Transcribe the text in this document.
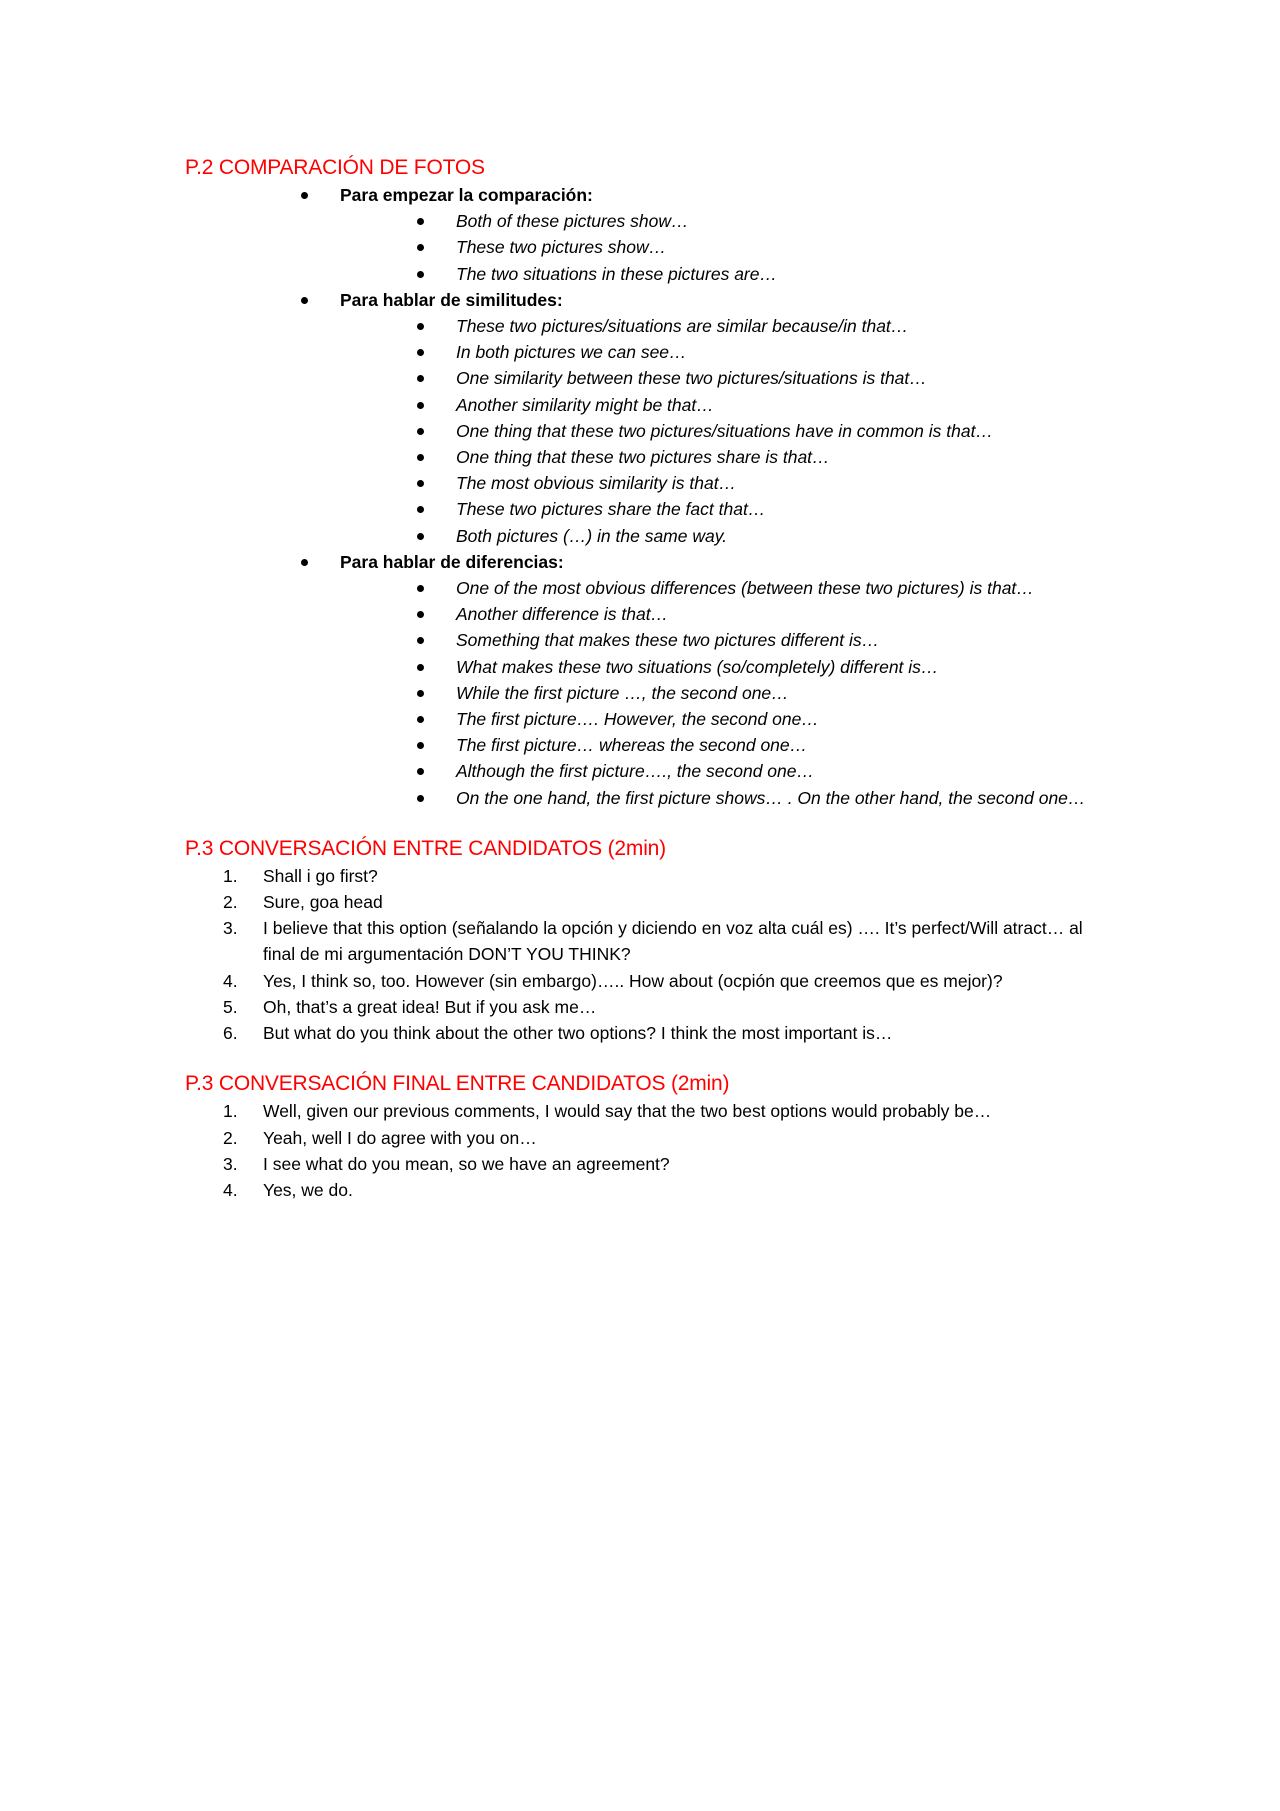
P.2 COMPARACIÓN DE FOTOS
Para empezar la comparación:
Both of these pictures show…
These two pictures show…
The two situations in these pictures are…
Para hablar de similitudes:
These two pictures/situations are similar because/in that…
In both pictures we can see…
One similarity between these two pictures/situations is that…
Another similarity might be that…
One thing that these two pictures/situations have in common is that…
One thing that these two pictures share is that…
The most obvious similarity is that…
These two pictures share the fact that…
Both pictures (…) in the same way.
Para hablar de diferencias:
One of the most obvious differences (between these two pictures) is that…
Another difference is that…
Something that makes these two pictures different is…
What makes these two situations (so/completely) different is…
While the first picture …, the second one…
The first picture…. However, the second one…
The first picture… whereas the second one…
Although the first picture…., the second one…
On the one hand, the first picture shows… . On the other hand, the second one…
P.3 CONVERSACIÓN ENTRE CANDIDATOS (2min)
1. Shall i go first?
2. Sure, goa head
3. I believe that this option (señalando la opción y diciendo en voz alta cuál es) …. It’s perfect/Will atract… al final de mi argumentación DON’T YOU THINK?
4. Yes, I think so, too. However (sin embargo)….. How about (ocpión que creemos que es mejor)?
5. Oh, that’s a great idea! But if you ask me…
6. But what do you think about the other two options? I think the most important is…
P.3 CONVERSACIÓN FINAL ENTRE CANDIDATOS (2min)
1. Well, given our previous comments, I would say that the two best options would probably be…
2. Yeah, well I do agree with you on…
3. I see what do you mean, so we have an agreement?
4. Yes, we do.
